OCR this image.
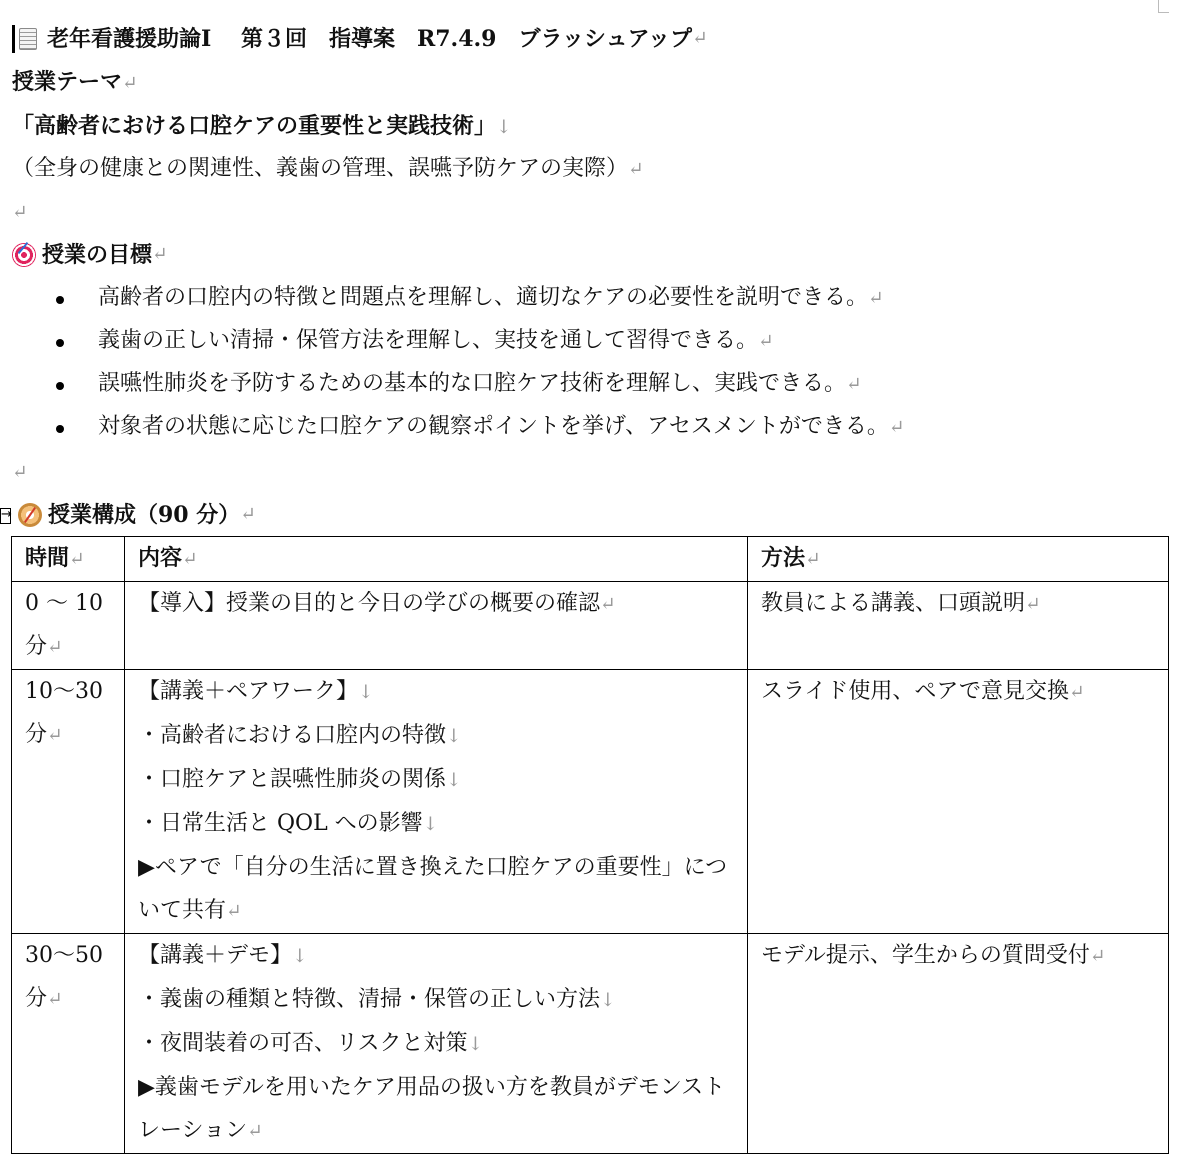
老年看護援助論Ⅰ　 第３回　指導案　R7.4.9　ブラッシュアップ ↵
授業テーマ↵
「高齢者における口腔ケアの重要性と実践技術」↓
（全身の健康との関連性、義歯の管理、誤嚥予防ケアの実際）↵
↵
授業の目標 ↵
高齢者の口腔内の特徴と問題点を理解し、適切なケアの必要性を説明できる。↵
義歯の正しい清掃・保管方法を理解し、実技を通して習得できる。↵
誤嚥性肺炎を予防するための基本的な口腔ケア技術を理解し、実践できる。↵
対象者の状態に応じた口腔ケアの観察ポイントを挙げ、アセスメントができる。↵
↵
→ 授業構成（90 分） ↵
時間↵	内容↵	方法↵
0 ～ 10 分↵	【導入】授業の目的と今日の学びの概要の確認↵	教員による講義、口頭説明↵
10～30 分↵	【講義＋ペアワーク】↓
・高齢者における口腔内の特徴↓
・口腔ケアと誤嚥性肺炎の関係↓
・日常生活と QOL への影響↓
▶ペアで「自分の生活に置き換えた口腔ケアの重要性」について共有↵	スライド使用、ペアで意見交換↵
30～50 分↵	【講義＋デモ】↓
・義歯の種類と特徴、清掃・保管の正しい方法↓
・夜間装着の可否、リスクと対策↓
▶義歯モデルを用いたケア用品の扱い方を教員がデモンストレーション↵	モデル提示、学生からの質問受付↵
